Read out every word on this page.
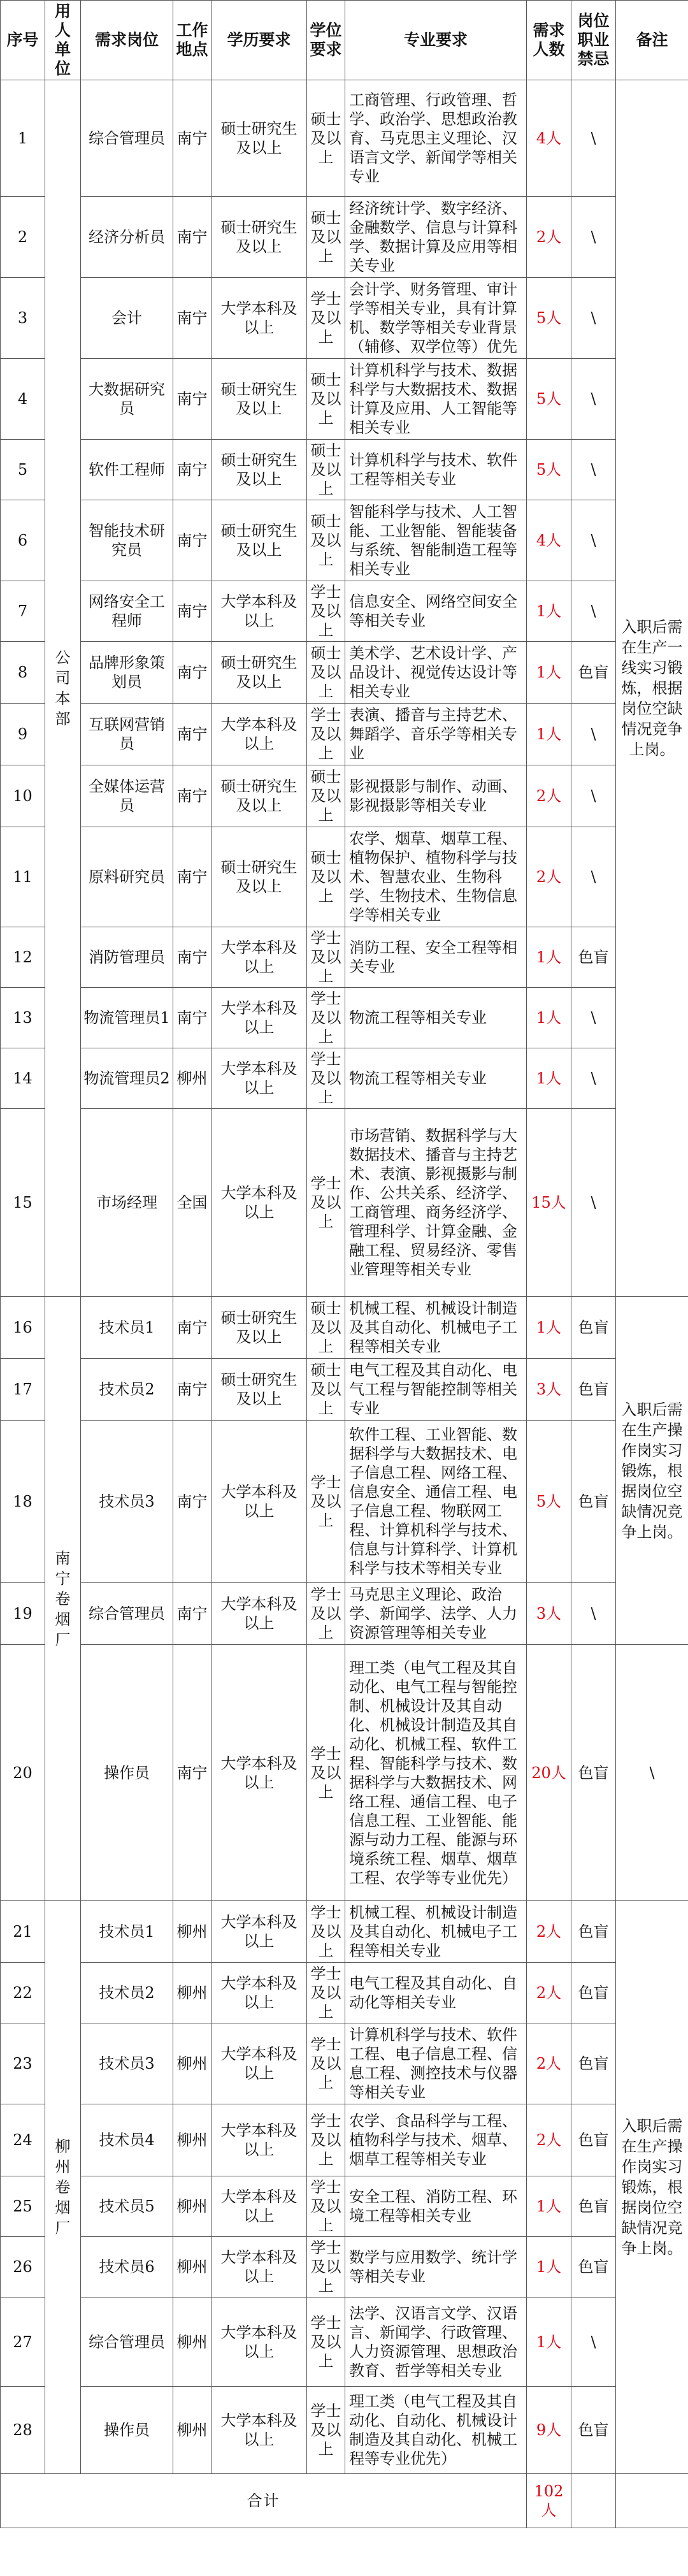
序号	用人单位	需求岗位	工作地点	学历要求	学位要求	专业要求	需求人数	岗位职业禁忌	备注
1	公司本部	综合管理员	南宁	硕士研究生及以上	硕士及以上	工商管理、行政管理、哲学、政治学、思想政治教育、马克思主义理论、汉语言文学、新闻学等相关专业	4人	\	入职后需在生产一线实习锻炼，根据岗位空缺情况竞争上岗。
2		经济分析员	南宁	硕士研究生及以上	硕士及以上	经济统计学、数字经济、金融数学、信息与计算科学、数据计算及应用等相关专业	2人	\	
3		会计	南宁	大学本科及以上	学士及以上	会计学、财务管理、审计学等相关专业，具有计算机、数学等相关专业背景（辅修、双学位等）优先	5人	\	
4		大数据研究员	南宁	硕士研究生及以上	硕士及以上	计算机科学与技术、数据科学与大数据技术、数据计算及应用、人工智能等相关专业	5人	\	
5		软件工程师	南宁	硕士研究生及以上	硕士及以上	计算机科学与技术、软件工程等相关专业	5人	\	
6		智能技术研究员	南宁	硕士研究生及以上	硕士及以上	智能科学与技术、人工智能、工业智能、智能装备与系统、智能制造工程等相关专业	4人	\	
7		网络安全工程师	南宁	大学本科及以上	学士及以上	信息安全、网络空间安全等相关专业	1人	\	
8		品牌形象策划员	南宁	硕士研究生及以上	硕士及以上	美术学、艺术设计学、产品设计、视觉传达设计等相关专业	1人	色盲	
9		互联网营销员	南宁	大学本科及以上	学士及以上	表演、播音与主持艺术、舞蹈学、音乐学等相关专业	1人	\	
10		全媒体运营员	南宁	硕士研究生及以上	硕士及以上	影视摄影与制作、动画、影视摄影等相关专业	2人	\	
11		原料研究员	南宁	硕士研究生及以上	硕士及以上	农学、烟草、烟草工程、植物保护、植物科学与技术、智慧农业、生物科学、生物技术、生物信息学等相关专业	2人	\	
12		消防管理员	南宁	大学本科及以上	学士及以上	消防工程、安全工程等相关专业	1人	色盲	
13		物流管理员1	南宁	大学本科及以上	学士及以上	物流工程等相关专业	1人	\	
14		物流管理员2	柳州	大学本科及以上	学士及以上	物流工程等相关专业	1人	\	
15		市场经理	全国	大学本科及以上	学士及以上	市场营销、数据科学与大数据技术、播音与主持艺术、表演、影视摄影与制作、公共关系、经济学、工商管理、商务经济学、管理科学、计算金融、金融工程、贸易经济、零售业管理等相关专业	15人	\	
16	南宁卷烟厂	技术员1	南宁	硕士研究生及以上	硕士及以上	机械工程、机械设计制造及其自动化、机械电子工程等相关专业	1人	色盲	入职后需在生产操作岗实习锻炼，根据岗位空缺情况竞争上岗。
17		技术员2	南宁	硕士研究生及以上	硕士及以上	电气工程及其自动化、电气工程与智能控制等相关专业	3人	色盲	
18		技术员3	南宁	大学本科及以上	学士及以上	软件工程、工业智能、数据科学与大数据技术、电子信息工程、网络工程、信息安全、通信工程、电子信息工程、物联网工程、计算机科学与技术、信息与计算科学、计算机科学与技术等相关专业	5人	色盲	
19		综合管理员	南宁	大学本科及以上	学士及以上	马克思主义理论、政治学、新闻学、法学、人力资源管理等相关专业	3人	\	
20		操作员	南宁	大学本科及以上	学士及以上	理工类（电气工程及其自动化、电气工程与智能控制、机械设计及其自动化、机械设计制造及其自动化、机械工程、软件工程、智能科学与技术、数据科学与大数据技术、网络工程、通信工程、电子信息工程、工业智能、能源与动力工程、能源与环境系统工程、烟草、烟草工程、农学等专业优先）	20人	色盲	\
21	柳州卷烟厂	技术员1	柳州	大学本科及以上	学士及以上	机械工程、机械设计制造及其自动化、机械电子工程等相关专业	2人	色盲	入职后需在生产操作岗实习锻炼，根据岗位空缺情况竞争上岗。
22		技术员2	柳州	大学本科及以上	学士及以上	电气工程及其自动化、自动化等相关专业	2人	色盲	
23		技术员3	柳州	大学本科及以上	学士及以上	计算机科学与技术、软件工程、电子信息工程、信息工程、测控技术与仪器等相关专业	2人	色盲	
24		技术员4	柳州	大学本科及以上	学士及以上	农学、食品科学与工程、植物科学与技术、烟草、烟草工程等相关专业	2人	色盲	
25		技术员5	柳州	大学本科及以上	学士及以上	安全工程、消防工程、环境工程等相关专业	1人	色盲	
26		技术员6	柳州	大学本科及以上	学士及以上	数学与应用数学、统计学等相关专业	1人	色盲	
27		综合管理员	柳州	大学本科及以上	学士及以上	法学、汉语言文学、汉语言、新闻学、行政管理、人力资源管理、思想政治教育、哲学等相关专业	1人	\	
28		操作员	柳州	大学本科及以上	学士及以上	理工类（电气工程及其自动化、自动化、机械设计制造及其自动化、机械工程等专业优先）	9人	色盲	
合计							102人		
